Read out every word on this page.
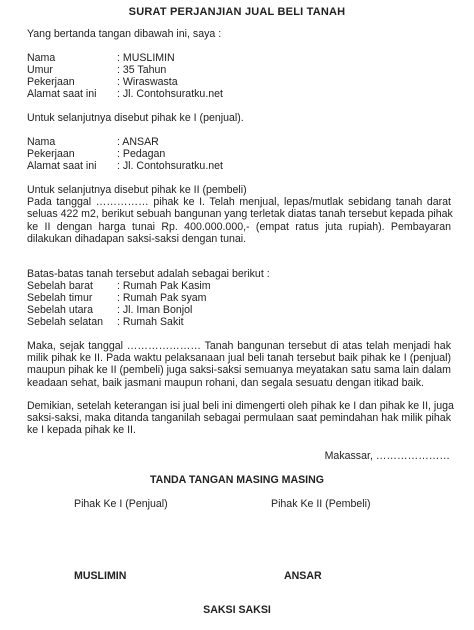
SURAT PERJANJIAN JUAL BELI TANAH
Yang bertanda tangan dibawah ini, saya :
Nama	: MUSLIMIN
Umur	: 35 Tahun
Pekerjaan	: Wiraswasta
Alamat saat ini : Jl. Contohsuratku.net
Untuk selanjutnya disebut pihak ke I (penjual).
Nama	: ANSAR
Pekerjaan	: Pedagan
Alamat saat ini : Jl. Contohsuratku.net
Untuk selanjutnya disebut pihak ke II (pembeli)
Pada tanggal …………… pihak ke I. Telah menjual, lepas/mutlak sebidang tanah darat
seluas 422 m2, berikut sebuah bangunan yang terletak diatas tanah tersebut kepada pihak
ke II dengan harga tunai Rp. 400.000.000,- (empat ratus juta rupiah). Pembayaran
dilakukan dihadapan saksi-saksi dengan tunai.
Batas-batas tanah tersebut adalah sebagai berikut :
Sebelah barat : Rumah Pak Kasim
Sebelah timur : Rumah Pak syam
Sebelah utara : Jl. Iman Bonjol
Sebelah selatan : Rumah Sakit
Maka, sejak tanggal ………………… Tanah bangunan tersebut di atas telah menjadi hak
milik pihak ke II. Pada waktu pelaksanaan jual beli tanah tersebut baik pihak ke I (penjual)
maupun pihak ke II (pembeli) juga saksi-saksi semuanya meyatakan satu sama lain dalam
keadaan sehat, baik jasmani maupun rohani, dan segala sesuatu dengan itikad baik.
Demikian, setelah keterangan isi jual beli ini dimengerti oleh pihak ke I dan pihak ke II, juga
saksi-saksi, maka ditanda tanganilah sebagai permulaan saat pemindahan hak milik pihak
ke I kepada pihak ke II.
Makassar, …………………
TANDA TANGAN MASING MASING
Pihak Ke I (Penjual)	Pihak Ke II (Pembeli)
MUSLIMIN	ANSAR
SAKSI SAKSI
